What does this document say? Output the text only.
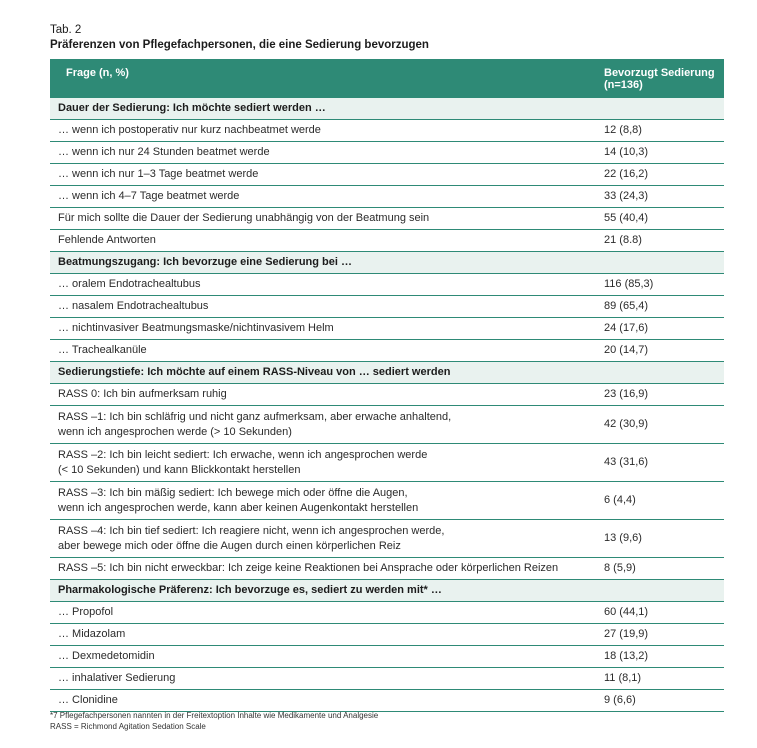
Tab. 2
Präferenzen von Pflegefachpersonen, die eine Sedierung bevorzugen
Frage (n, %)	Bevorzugt Sedierung
(n=136)

Dauer der Sedierung: Ich möchte sediert werden …	

… wenn ich postoperativ nur kurz nachbeatmet werde	12 (8,8)

… wenn ich nur 24 Stunden beatmet werde	14 (10,3)

… wenn ich nur 1–3 Tage beatmet werde	22 (16,2)

… wenn ich 4–7 Tage beatmet werde	33 (24,3)

Für mich sollte die Dauer der Sedierung unabhängig von der Beatmung sein	55 (40,4)

Fehlende Antworten	21 (8.8)
Beatmungszugang: Ich bevorzuge eine Sedierung bei …	

… oralem Endotrachealtubus	116 (85,3)

… nasalem Endotrachealtubus	89 (65,4)

… nichtinvasiver Beatmungsmaske/nichtinvasivem Helm	24 (17,6)

… Trachealkanüle	20 (14,7)
Sedierungstiefe: Ich möchte auf einem RASS-Niveau von … sediert werden	

RASS 0: Ich bin aufmerksam ruhig	23 (16,9)

RASS –1: Ich bin schläfrig und nicht ganz aufmerksam, aber erwache anhaltend,
wenn ich angesprochen werde (> 10 Sekunden)	42 (30,9)

RASS –2: Ich bin leicht sediert: Ich erwache, wenn ich angesprochen werde
(< 10 Sekunden) und kann Blickkontakt herstellen	43 (31,6)

RASS –3: Ich bin mäßig sediert: Ich bewege mich oder öffne die Augen,
wenn ich angesprochen werde, kann aber keinen Augenkontakt herstellen	6 (4,4)

RASS –4: Ich bin tief sediert: Ich reagiere nicht, wenn ich angesprochen werde,
aber bewege mich oder öffne die Augen durch einen körperlichen Reiz	13 (9,6)

RASS –5: Ich bin nicht erweckbar: Ich zeige keine Reaktionen bei Ansprache oder körperlichen Reizen	8 (5,9)
Pharmakologische Präferenz: Ich bevorzuge es, sediert zu werden mit* …	

… Propofol	60 (44,1)

… Midazolam	27 (19,9)

… Dexmedetomidin	18 (13,2)

… inhalativer Sedierung	11 (8,1)

… Clonidine	9 (6,6)
*7 Pflegefachpersonen nannten in der Freitextoption Inhalte wie Medikamente und Analgesie
RASS = Richmond Agitation Sedation Scale
